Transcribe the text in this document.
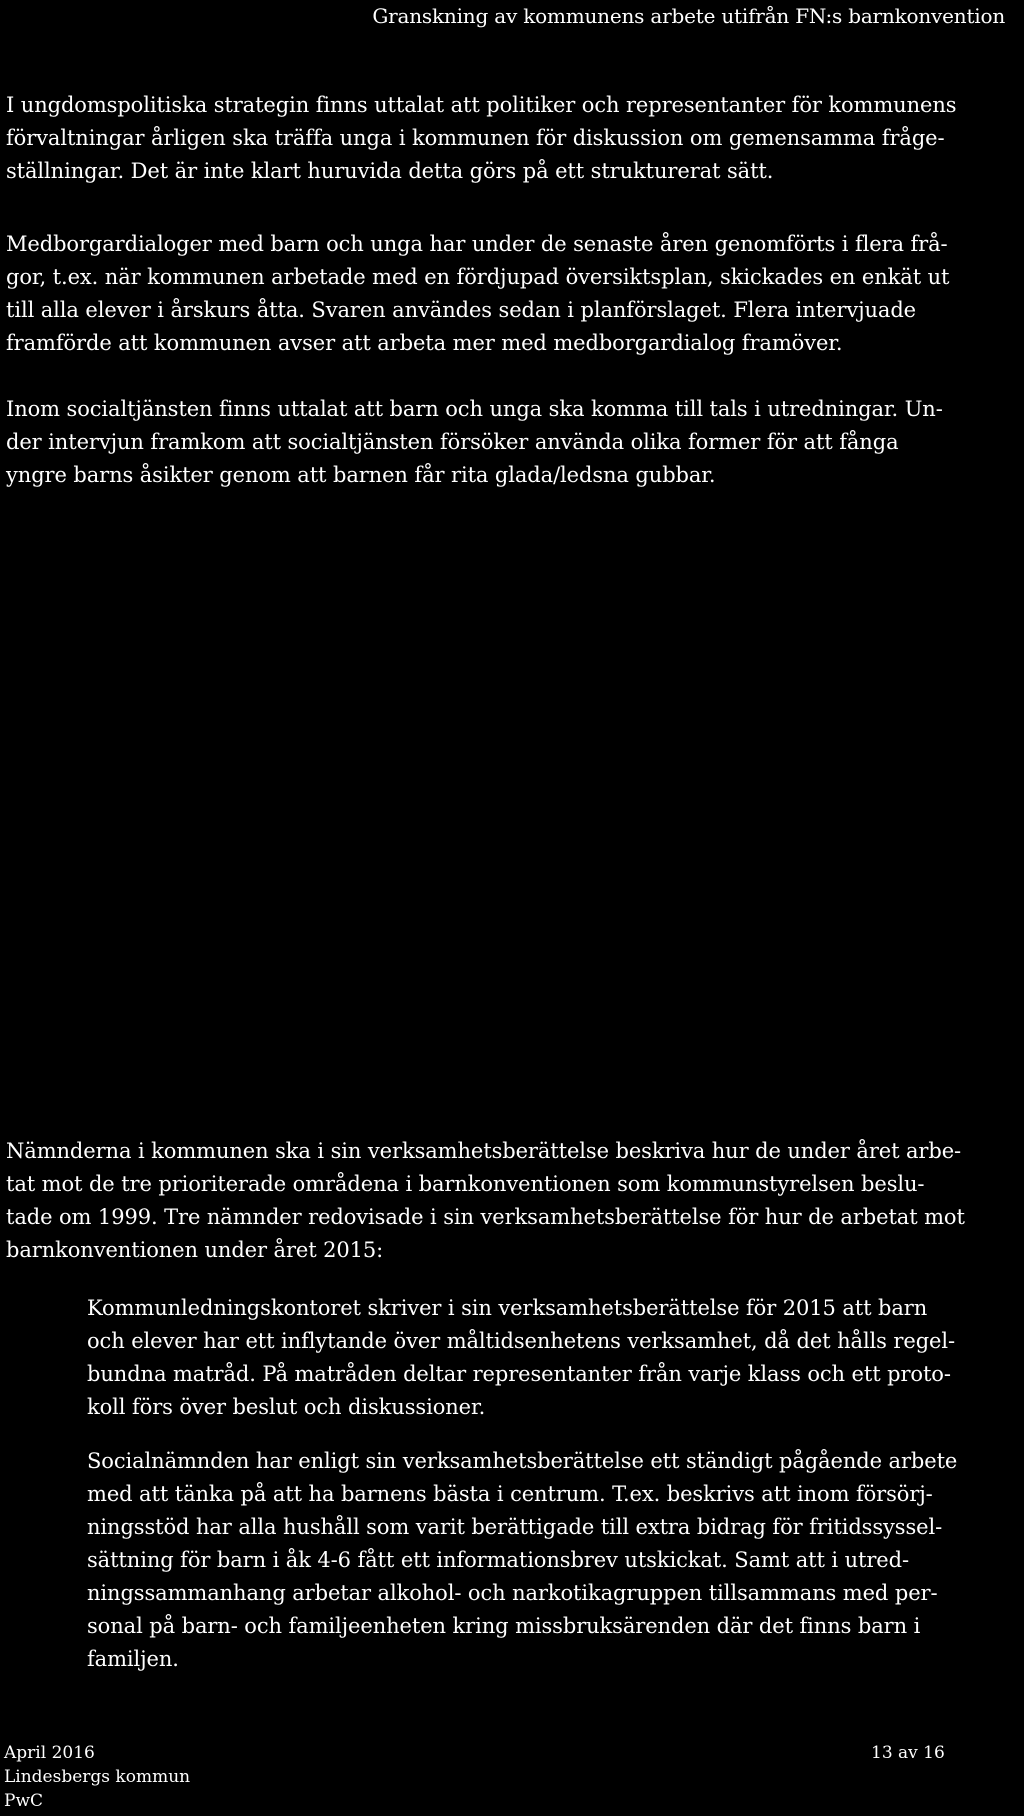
Granskning av kommunens arbete utifrån FN:s barnkonvention
I ungdomspolitiska strategin finns uttalat att politiker och representanter för kommunens
förvaltningar årligen ska träffa unga i kommunen för diskussion om gemensamma fråge-
ställningar. Det är inte klart huruvida detta görs på ett strukturerat sätt.
Medborgardialoger med barn och unga har under de senaste åren genomförts i flera frå-
gor, t.ex. när kommunen arbetade med en fördjupad översiktsplan, skickades en enkät ut
till alla elever i årskurs åtta. Svaren användes sedan i planförslaget. Flera intervjuade
framförde att kommunen avser att arbeta mer med medborgardialog framöver.
Inom socialtjänsten finns uttalat att barn och unga ska komma till tals i utredningar. Un-
der intervjun framkom att socialtjänsten försöker använda olika former för att fånga
yngre barns åsikter genom att barnen får rita glada/ledsna gubbar.
Nämnderna i kommunen ska i sin verksamhetsberättelse beskriva hur de under året arbe-
tat mot de tre prioriterade områdena i barnkonventionen som kommunstyrelsen beslu-
tade om 1999. Tre nämnder redovisade i sin verksamhetsberättelse för hur de arbetat mot
barnkonventionen under året 2015:
Kommunledningskontoret skriver i sin verksamhetsberättelse för 2015 att barn
och elever har ett inflytande över måltidsenhetens verksamhet, då det hålls regel-
bundna matråd. På matråden deltar representanter från varje klass och ett proto-
koll förs över beslut och diskussioner.
Socialnämnden har enligt sin verksamhetsberättelse ett ständigt pågående arbete
med att tänka på att ha barnens bästa i centrum. T.ex. beskrivs att inom försörj-
ningsstöd har alla hushåll som varit berättigade till extra bidrag för fritidssyssel-
sättning för barn i åk 4-6 fått ett informationsbrev utskickat. Samt att i utred-
ningssammanhang arbetar alkohol- och narkotikagruppen tillsammans med per-
sonal på barn- och familjeenheten kring missbruksärenden där det finns barn i
familjen.
April 2016
Lindesbergs kommun
PwC
13 av 16
